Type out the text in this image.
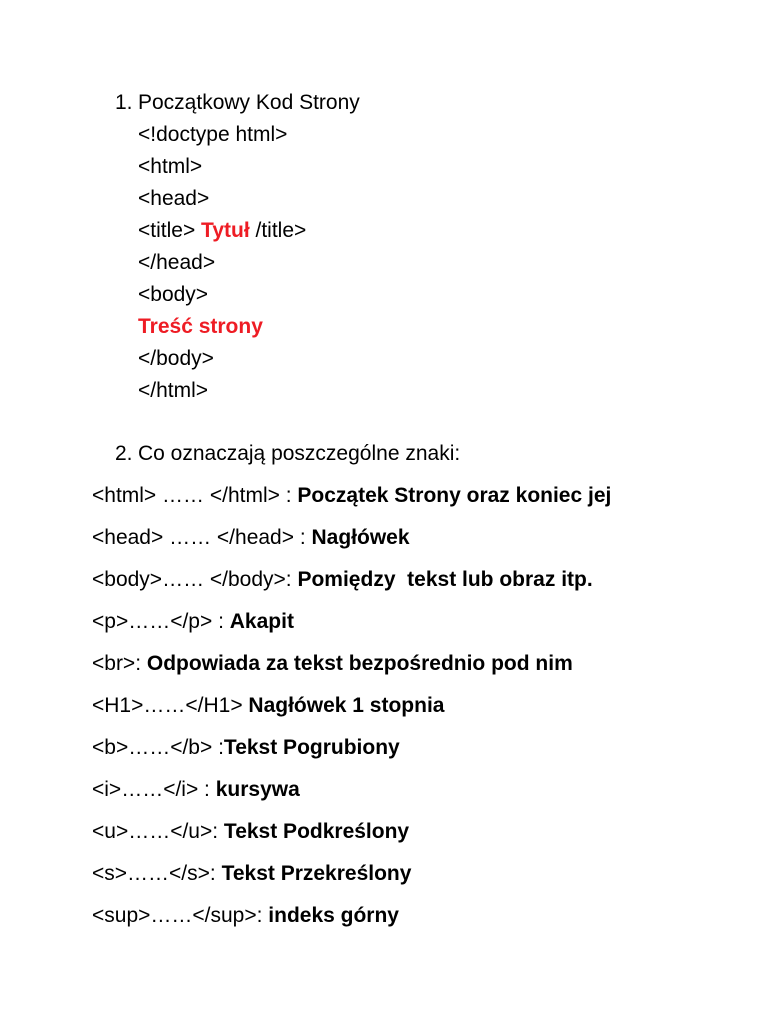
1. Początkowy Kod Strony
<!doctype html>
<html>
<head>
<title> Tytuł /title>
</head>
<body>
Treść strony
</body>
</html>
2. Co oznaczają poszczególne znaki:
<html> …… </html> : Początek Strony oraz koniec jej
<head> …… </head> : Nagłówek
<body>…… </body>: Pomiędzy  tekst lub obraz itp.
<p>……</p> : Akapit
<br>: Odpowiada za tekst bezpośrednio pod nim
<H1>……</H1> Nagłówek 1 stopnia
<b>……</b> :Tekst Pogrubiony
<i>……</i> : kursywa
<u>……</u>: Tekst Podkreślony
<s>……</s>: Tekst Przekreślony
<sup>……</sup>: indeks górny
